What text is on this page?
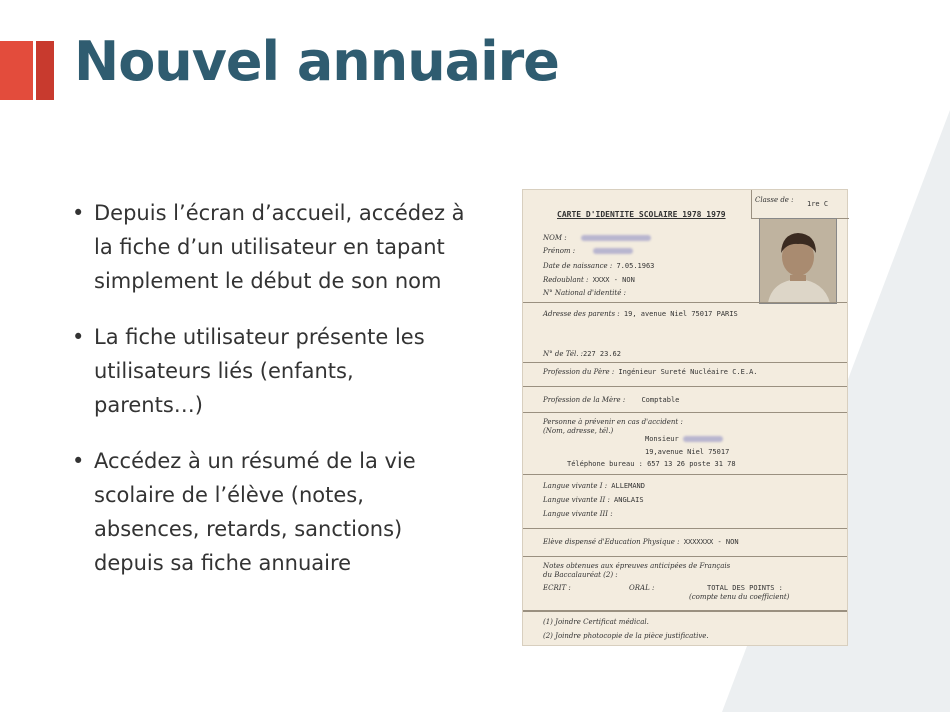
Nouvel annuaire
• Depuis l’écran d’accueil, accédez à la fiche d’un utilisateur en tapant simplement le début de son nom
• La fiche utilisateur présente les utilisateurs liés (enfants, parents…)
• Accédez à un résumé de la vie scolaire de l’élève (notes, absences, retards, sanctions) depuis sa fiche annuaire
Classe de : 1re C
CARTE D'IDENTITE SCOLAIRE 1978 1979
NOM :
Prénom :
Date de naissance : 7.05.1963
Redoublant : XXXX - NON
N° National d'identité :
Adresse des parents : 19, avenue Niel 75017 PARIS
N° de Tél. :227 23.62
Profession du Père : Ingénieur Sureté Nucléaire C.E.A.
Profession de la Mère : Comptable
Personne à prévenir en cas d'accident :
(Nom, adresse, tél.)
Monsieur
19,avenue Niel 75017
Téléphone bureau : 657 13 26 poste 31 78
Langue vivante I : ALLEMAND
Langue vivante II : ANGLAIS
Langue vivante III :
Elève dispensé d'Education Physique : XXXXXXX - NON
Notes obtenues aux épreuves anticipées de Français
du Baccalauréat (2) :
ECRIT :	ORAL :	TOTAL DES POINTS :
(compte tenu du coefficient)
(1) Joindre Certificat médical.
(2) Joindre photocopie de la pièce justificative.
